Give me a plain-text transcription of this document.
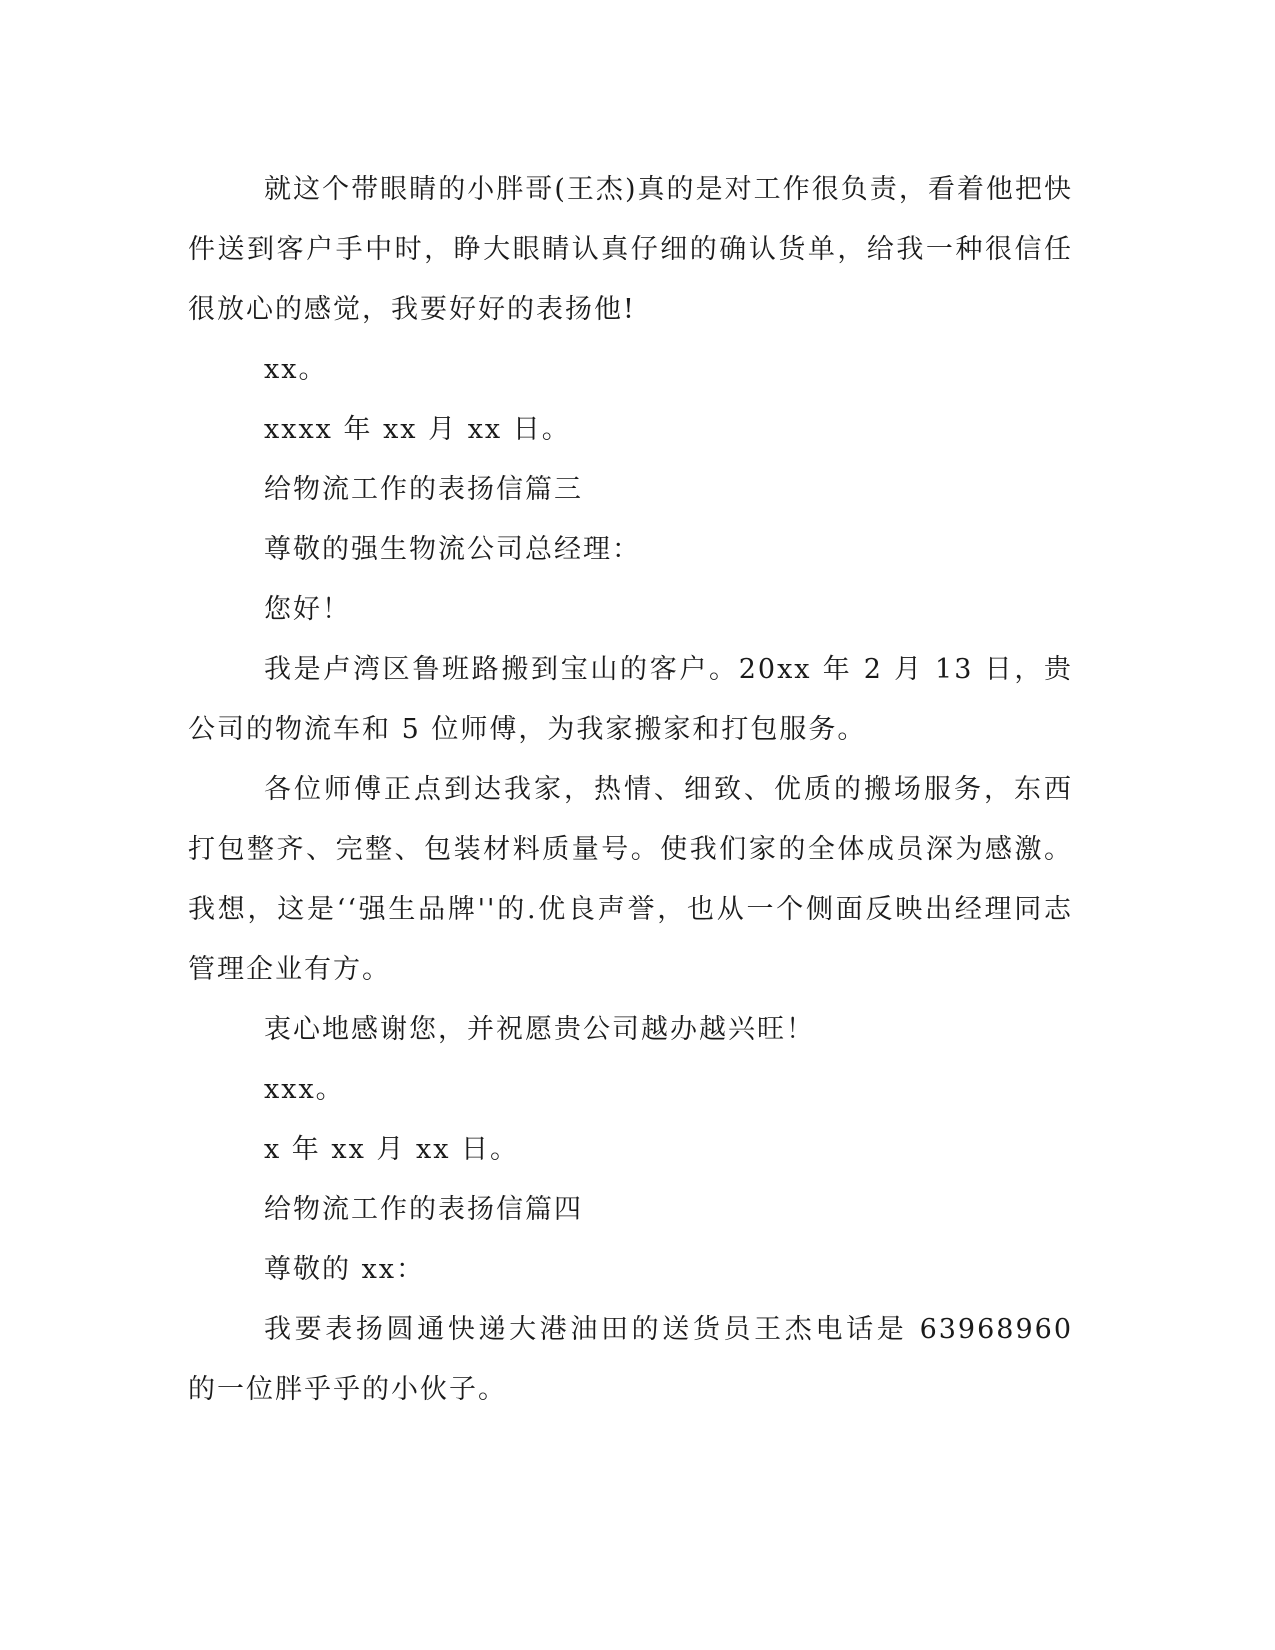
就这个带眼睛的小胖哥(王杰)真的是对工作很负责，看着他把快件送到客户手中时，睁大眼睛认真仔细的确认货单，给我一种很信任很放心的感觉，我要好好的表扬他!

xx。

xxxx 年 xx 月 xx 日。

给物流工作的表扬信篇三

尊敬的强生物流公司总经理：

您好！

我是卢湾区鲁班路搬到宝山的客户。20xx 年 2 月 13 日，贵公司的物流车和 5 位师傅，为我家搬家和打包服务。

各位师傅正点到达我家，热情、细致、优质的搬场服务，东西打包整齐、完整、包装材料质量号。使我们家的全体成员深为感激。我想，这是‘‘强生品牌''的.优良声誉，也从一个侧面反映出经理同志管理企业有方。

衷心地感谢您，并祝愿贵公司越办越兴旺！

xxx。

x 年 xx 月 xx 日。

给物流工作的表扬信篇四

尊敬的 xx：

我要表扬圆通快递大港油田的送货员王杰电话是 63968960 的一位胖乎乎的小伙子。
